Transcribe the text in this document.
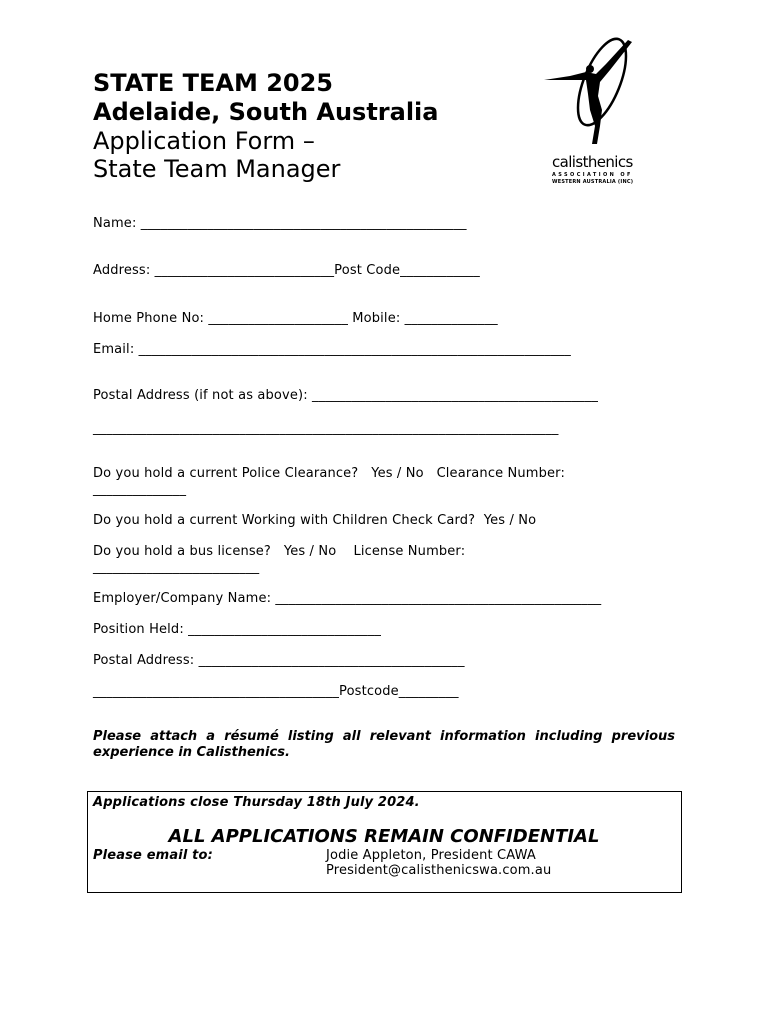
STATE TEAM 2025
Adelaide, South Australia
Application Form –
State Team Manager	calisthenics
ASSOCIATION OF
WESTERN AUSTRALIA (INC)
Name: _________________________________________________
Address: ___________________________Post Code____________
Home Phone No: _____________________ Mobile: ______________
Email: _________________________________________________________________
Postal Address (if not as above): ___________________________________________
______________________________________________________________________
Do you hold a current Police Clearance?   Yes / No   Clearance Number:
______________
Do you hold a current Working with Children Check Card?  Yes / No
Do you hold a bus license?   Yes / No    License Number:
_________________________
Employer/Company Name: _________________________________________________
Position Held: _____________________________
Postal Address: ________________________________________
_____________________________________Postcode_________
Please attach a résumé listing all relevant information including previous experience in Calisthenics.
Applications close Thursday 18th July 2024.
ALL APPLICATIONS REMAIN CONFIDENTIAL
Please email to:	Jodie Appleton, President CAWA
President@calisthenicswa.com.au
